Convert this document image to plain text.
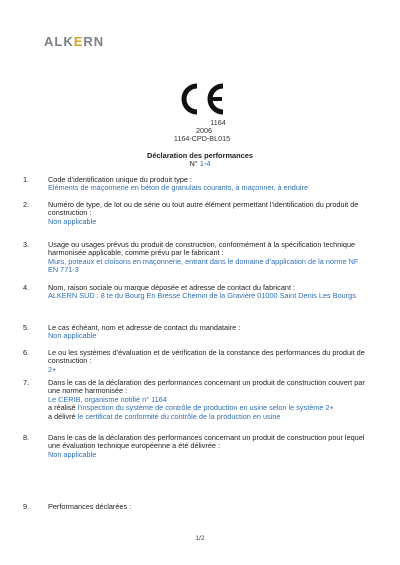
ALKERN
1164
2006
1164-CPD-BL015
Déclaration des performances
N° 1-4
1.	Code d’identification unique du produit type :
Eléments de maçonnerie en béton de granulats courants, à maçonner, à enduire
2.	Numéro de type, de lot ou de série ou tout autre élément permettant l’identification du produit de construction :
Non applicable
3.	Usage ou usages prévus du produit de construction, conformément à la spécification technique harmonisée applicable, comme prévu par le fabricant :
Murs, poteaux et cloisons en maçonnerie, entrant dans le domaine d’application de la norme NF EN 771-3
4.	Nom, raison sociale ou marque déposée et adresse de contact du fabricant :
ALKERN SUD : 8 te du Bourg En Bresse Chemin de la Gravière 01000 Saint Denis Les Bourgs
5.	Le cas échéant, nom et adresse de contact du mandataire :
Non applicable
6.	Le ou les systèmes d’évaluation et de vérification de la constance des performances du produit de construction :
2+
7.	Dans le cas de la déclaration des performances concernant un produit de construction couvert par une norme harmonisée :
Le CERIB, organisme notifié n° 1164
a réalisé l’inspection du système de contrôle de production en usine selon le système 2+
a délivré le certificat de conformité du contrôle de la production en usine
8.	Dans le cas de la déclaration des performances concernant un produit de construction pour lequel une évaluation technique européenne a été délivrée :
Non applicable
9.	Performances déclarées :
1/2
